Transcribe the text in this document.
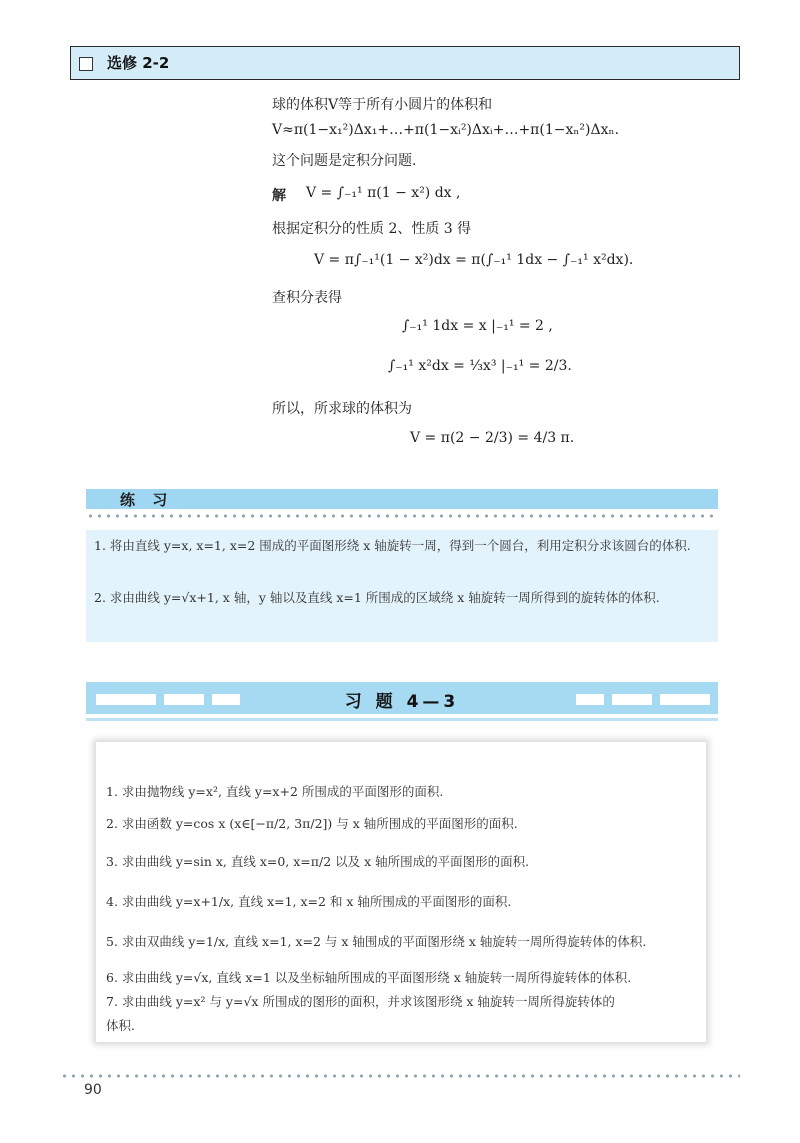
选修 2-2
球的体积V等于所有小圆片的体积和
V≈π(1−x₁²)Δx₁+…+π(1−xᵢ²)Δxᵢ+…+π(1−xₙ²)Δxₙ.
这个问题是定积分问题.
解 V = ∫₋₁¹ π(1 − x²) dx ,
根据定积分的性质 2、性质 3 得
V = π∫₋₁¹(1 − x²)dx = π(∫₋₁¹ 1dx − ∫₋₁¹ x²dx).
查积分表得
∫₋₁¹ 1dx = x |₋₁¹ = 2 ,
∫₋₁¹ x²dx = ⅓x³ |₋₁¹ = 2/3.
所以，所求球的体积为
V = π(2 − 2/3) = 4/3 π.
练 习
1. 将由直线 y=x, x=1, x=2 围成的平面图形绕 x 轴旋转一周，得到一个圆台，利用定积分求该圆台的体积.
2. 求由曲线 y=√x+1, x 轴，y 轴以及直线 x=1 所围成的区域绕 x 轴旋转一周所得到的旋转体的体积.
习 题 4—3
1. 求由抛物线 y=x², 直线 y=x+2 所围成的平面图形的面积.
2. 求由函数 y=cos x (x∈[−π/2, 3π/2]) 与 x 轴所围成的平面图形的面积.
3. 求由曲线 y=sin x, 直线 x=0, x=π/2 以及 x 轴所围成的平面图形的面积.
4. 求由曲线 y=x+1/x, 直线 x=1, x=2 和 x 轴所围成的平面图形的面积.
5. 求由双曲线 y=1/x, 直线 x=1, x=2 与 x 轴围成的平面图形绕 x 轴旋转一周所得旋转体的体积.
6. 求由曲线 y=√x, 直线 x=1 以及坐标轴所围成的平面图形绕 x 轴旋转一周所得旋转体的体积.
7. 求由曲线 y=x² 与 y=√x 所围成的图形的面积，并求该图形绕 x 轴旋转一周所得旋转体的
体积.
90
